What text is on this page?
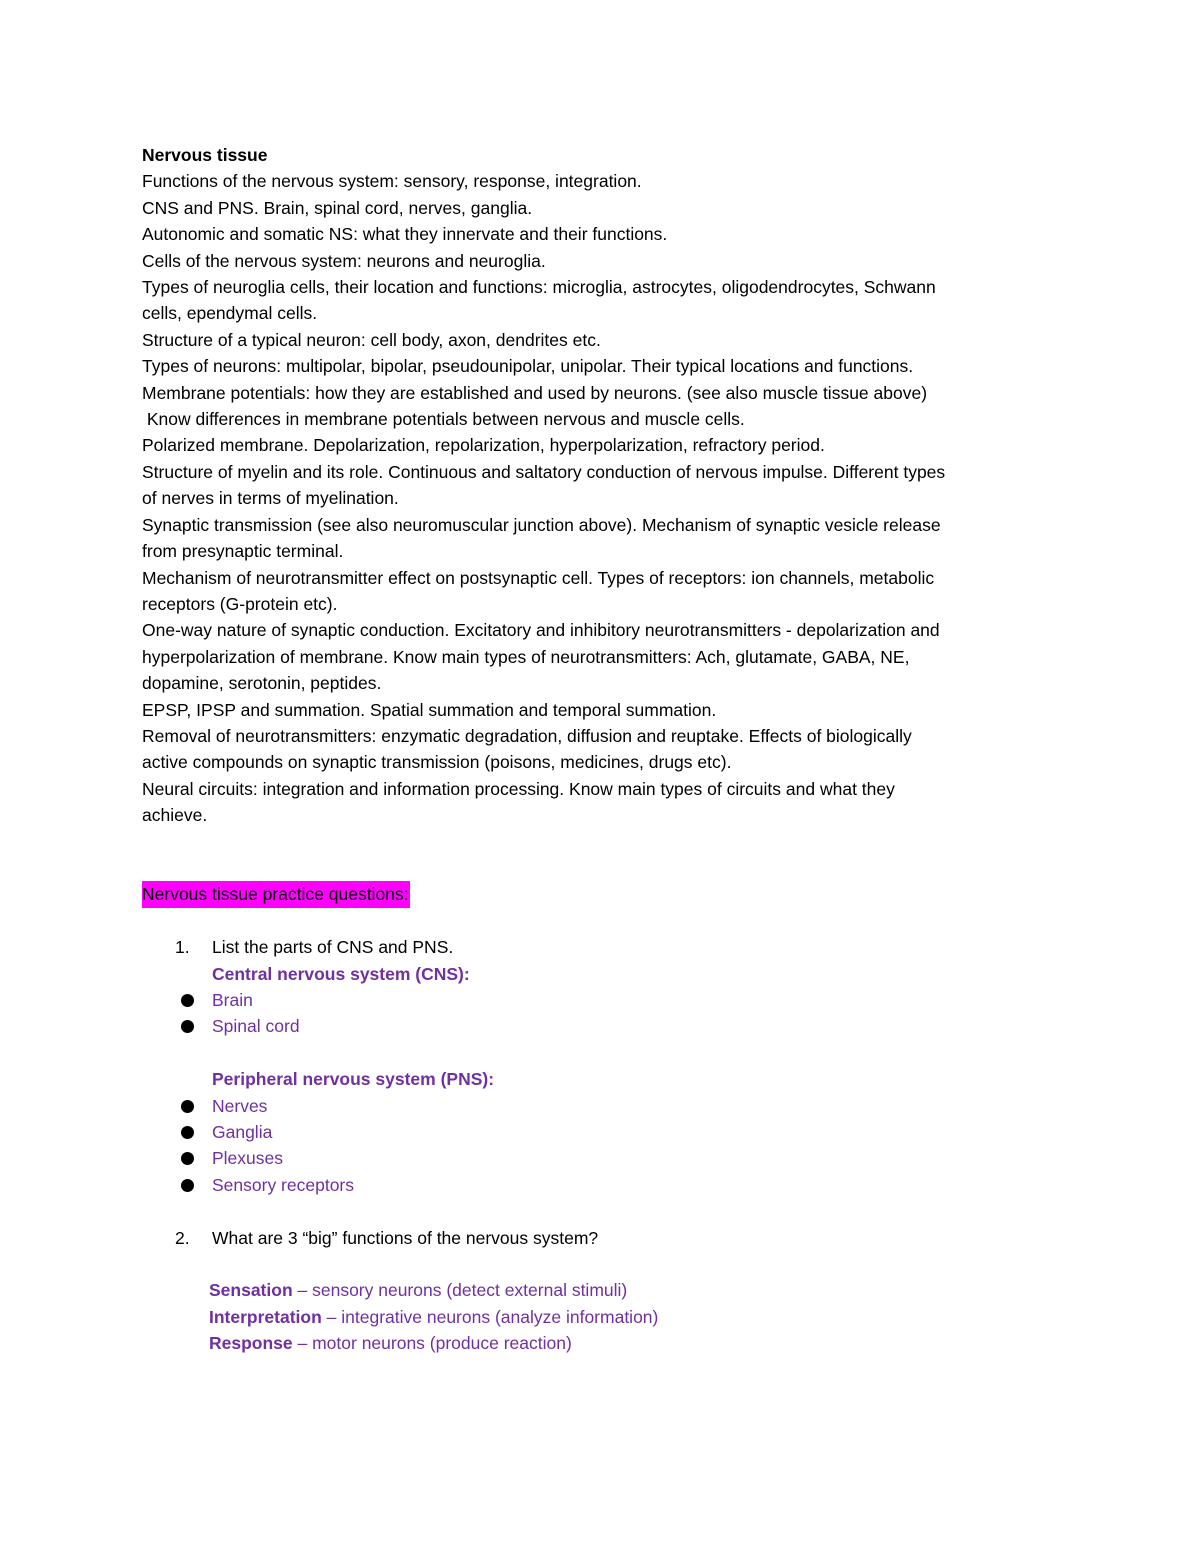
Nervous tissue

Functions of the nervous system: sensory, response, integration.

CNS and PNS. Brain, spinal cord, nerves, ganglia.

Autonomic and somatic NS: what they innervate and their functions.

Cells of the nervous system: neurons and neuroglia.

Types of neuroglia cells, their location and functions: microglia, astrocytes, oligodendrocytes, Schwann

cells, ependymal cells.

Structure of a typical neuron: cell body, axon, dendrites etc.

Types of neurons: multipolar, bipolar, pseudounipolar, unipolar. Their typical locations and functions.

Membrane potentials: how they are established and used by neurons. (see also muscle tissue above)

Know differences in membrane potentials between nervous and muscle cells.

Polarized membrane. Depolarization, repolarization, hyperpolarization, refractory period.

Structure of myelin and its role. Continuous and saltatory conduction of nervous impulse. Different types

of nerves in terms of myelination.

Synaptic transmission (see also neuromuscular junction above). Mechanism of synaptic vesicle release

from presynaptic terminal.

Mechanism of neurotransmitter effect on postsynaptic cell. Types of receptors: ion channels, metabolic

receptors (G-protein etc).

One-way nature of synaptic conduction. Excitatory and inhibitory neurotransmitters - depolarization and

hyperpolarization of membrane. Know main types of neurotransmitters: Ach, glutamate, GABA, NE,

dopamine, serotonin, peptides.

EPSP, IPSP and summation. Spatial summation and temporal summation.

Removal of neurotransmitters: enzymatic degradation, diffusion and reuptake. Effects of biologically

active compounds on synaptic transmission (poisons, medicines, drugs etc).

Neural circuits: integration and information processing. Know main types of circuits and what they

achieve.

Nervous tissue practice questions:

1. List the parts of CNS and PNS.
Central nervous system (CNS):
Brain
Spinal cord
Peripheral nervous system (PNS):
Nerves
Ganglia
Plexuses
Sensory receptors
2. What are 3 “big” functions of the nervous system?

Sensation – sensory neurons (detect external stimuli)

Interpretation – integrative neurons (analyze information)

Response – motor neurons (produce reaction)
